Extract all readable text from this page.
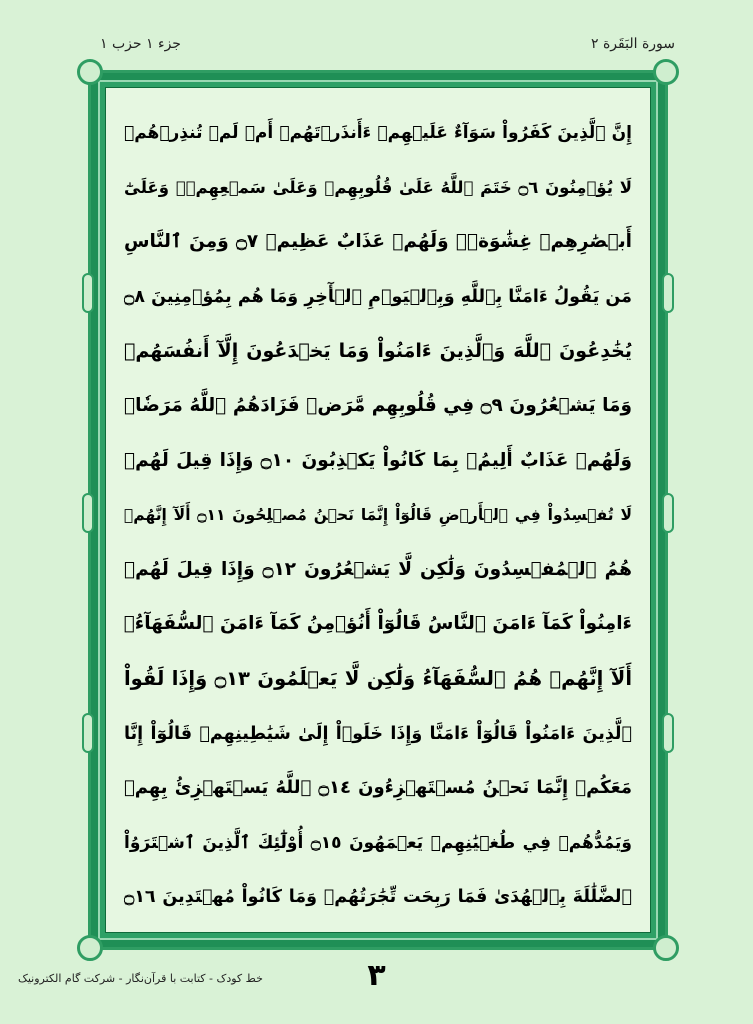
جزء ١ حزب ١	سورة البَقَرة ٢
إِنَّ ٱلَّذِينَ كَفَرُواْ سَوَآءٌ عَلَيۡهِمۡ ءَأَنذَرۡتَهُمۡ أَمۡ لَمۡ تُنذِرۡهُمۡ
لَا يُؤۡمِنُونَ ۝٦ خَتَمَ ٱللَّهُ عَلَىٰ قُلُوبِهِمۡ وَعَلَىٰ سَمۡعِهِمۡۖ وَعَلَىٰٓ
أَبۡصَٰرِهِمۡ غِشَٰوَةٞۖ وَلَهُمۡ عَذَابٌ عَظِيمٞ ۝٧ وَمِنَ ٱلنَّاسِ
مَن يَقُولُ ءَامَنَّا بِٱللَّهِ وَبِٱلۡيَوۡمِ ٱلۡأٓخِرِ وَمَا هُم بِمُؤۡمِنِينَ ۝٨
يُخَٰدِعُونَ ٱللَّهَ وَٱلَّذِينَ ءَامَنُواْ وَمَا يَخۡدَعُونَ إِلَّآ أَنفُسَهُمۡ
وَمَا يَشۡعُرُونَ ۝٩ فِي قُلُوبِهِم مَّرَضٞ فَزَادَهُمُ ٱللَّهُ مَرَضٗاۖ
وَلَهُمۡ عَذَابٌ أَلِيمُۢ بِمَا كَانُواْ يَكۡذِبُونَ ۝١٠ وَإِذَا قِيلَ لَهُمۡ
لَا تُفۡسِدُواْ فِي ٱلۡأَرۡضِ قَالُوٓاْ إِنَّمَا نَحۡنُ مُصۡلِحُونَ ۝١١ أَلَآ إِنَّهُمۡ
هُمُ ٱلۡمُفۡسِدُونَ وَلَٰكِن لَّا يَشۡعُرُونَ ۝١٢ وَإِذَا قِيلَ لَهُمۡ
ءَامِنُواْ كَمَآ ءَامَنَ ٱلنَّاسُ قَالُوٓاْ أَنُؤۡمِنُ كَمَآ ءَامَنَ ٱلسُّفَهَآءُۗ
أَلَآ إِنَّهُمۡ هُمُ ٱلسُّفَهَآءُ وَلَٰكِن لَّا يَعۡلَمُونَ ۝١٣ وَإِذَا لَقُواْ
ٱلَّذِينَ ءَامَنُواْ قَالُوٓاْ ءَامَنَّا وَإِذَا خَلَوۡاْ إِلَىٰ شَيَٰطِينِهِمۡ قَالُوٓاْ إِنَّا
مَعَكُمۡ إِنَّمَا نَحۡنُ مُسۡتَهۡزِءُونَ ۝١٤ ٱللَّهُ يَسۡتَهۡزِئُ بِهِمۡ
وَيَمُدُّهُمۡ فِي طُغۡيَٰنِهِمۡ يَعۡمَهُونَ ۝١٥ أُوْلَٰٓئِكَ ٱلَّذِينَ ٱشۡتَرَوُاْ
ٱلضَّلَٰلَةَ بِٱلۡهُدَىٰ فَمَا رَبِحَت تِّجَٰرَتُهُمۡ وَمَا كَانُواْ مُهۡتَدِينَ ۝١٦
٣
خط کودک - کتابت با قرآن‌نگار - شرکت گام الکترونیک
